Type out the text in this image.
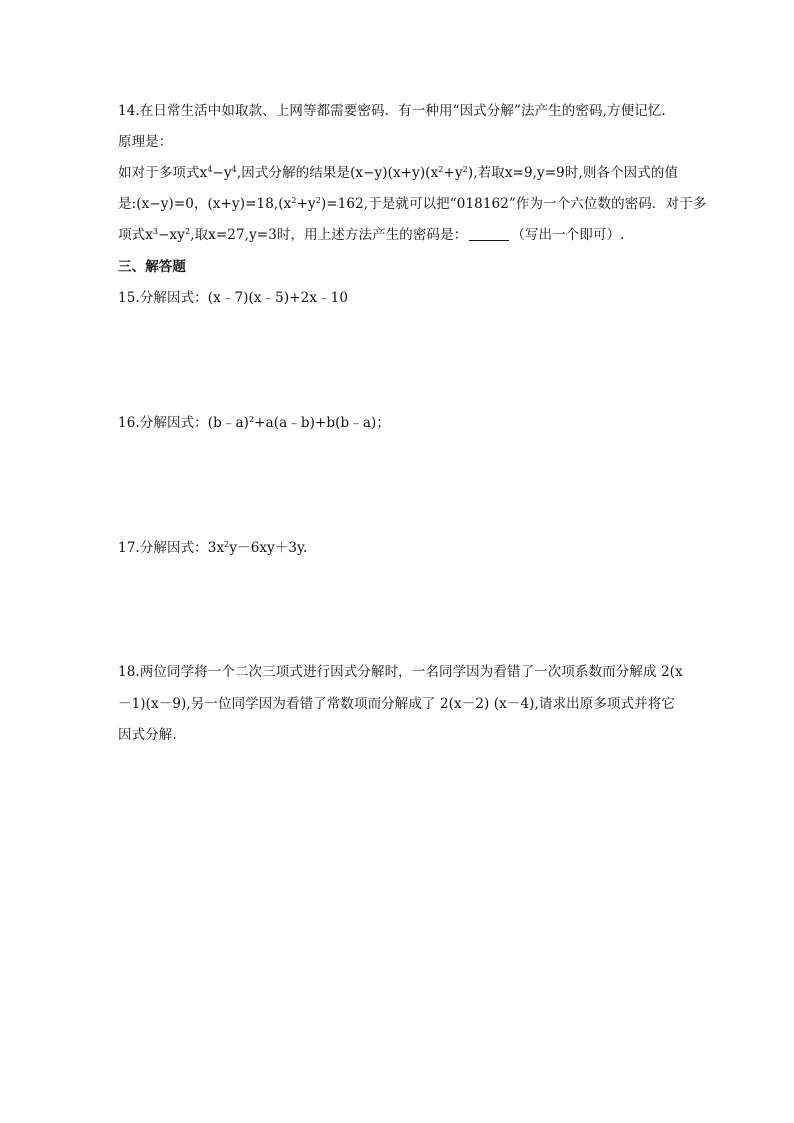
14.在日常生活中如取款、上网等都需要密码．有一种用“因式分解”法产生的密码,方便记忆.
原理是：
如对于多项式$x^4-y^4$,因式分解的结果是$(x-y)(x+y)(x^2+y^2)$,若取x=9,y=9时,则各个因式的值
是:(x−y)=0，$(x+y)=18,(x^2+y^2)=162$,于是就可以把“018162”作为一个六位数的密码．对于多
项式$x^3-xy^2$,取x=27,y=3时，用上述方法产生的密码是：	（写出一个即可）.
三、解答题
15.分解因式：(x﹣7)(x﹣5)+2x﹣10
16.分解因式：(b﹣a)$^2$+a(a﹣b)+b(b﹣a)；
17.分解因式：$3x^2y-6xy+3y$.
18.两位同学将一个二次三项式进行因式分解时，一名同学因为看错了一次项系数而分解成 2(x
－1)(x－9),另一位同学因为看错了常数项而分解成了 2(x－2) (x－4),请求出原多项式并将它
因式分解.
